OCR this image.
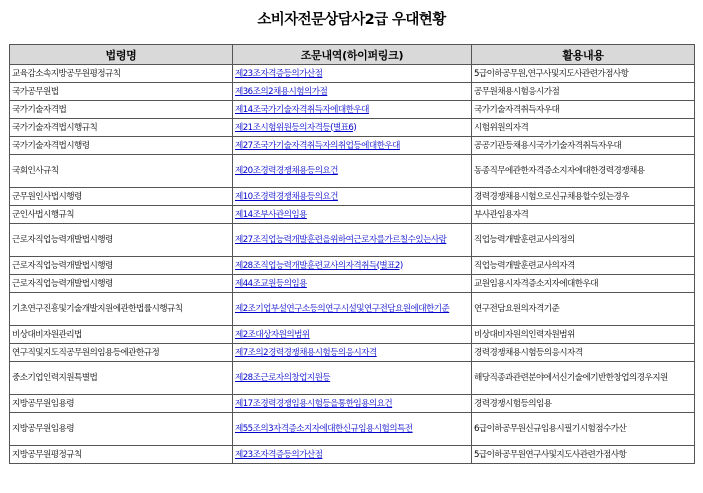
소비자전문상담사2급 우대현황
법령명	조문내역(하이퍼링크)	활용내용
교육감소속지방공무원평정규칙	제23조자격증등의가산점	5급이하공무원,연구사및지도사관련가점사항
국가공무원법	제36조의2채용시험의가점	공무원채용시험응시가점
국가기술자격법	제14조국가기술자격취득자에대한우대	국가기술자격취득자우대
국가기술자격법시행규칙	제21조시험위원등의자격등(별표6)	시험위원의자격
국가기술자격법시행령	제27조국가기술자격취득자의취업등에대한우대	공공기관등채용시국가기술자격취득자우대
국회인사규칙	제20조경력경쟁채용등의요건	동종직무에관한자격증소지자에대한경력경쟁채용
군무원인사법시행령	제10조경력경쟁채용등의요건	경력경쟁채용시험으로신규채용할수있는경우
군인사법시행규칙	제14조부사관의임용	부사관임용자격
근로자직업능력개발법시행령	제27조직업능력개발훈련을위하여근로자를가르칠수있는사람	직업능력개발훈련교사의정의
근로자직업능력개발법시행령	제28조직업능력개발훈련교사의자격취득(별표2)	직업능력개발훈련교사의자격
근로자직업능력개발법시행령	제44조교원등의임용	교원임용시자격증소지자에대한우대
기초연구진흥및기술개발지원에관한법률시행규칙	제2조기업부설연구소등의연구시설및연구전담요원에대한기준	연구전담요원의자격기준
비상대비자원관리법	제2조대상자원의범위	비상대비자원의인력자원범위
연구직및지도직공무원의임용등에관한규정	제7조의2경력경쟁채용시험등의응시자격	경력경쟁채용시험등의응시자격
중소기업인력지원특별법	제28조근로자의창업지원등	해당직종과관련분야에서신기술에기반한창업의경우지원
지방공무원임용령	제17조경력경쟁임용시험등을통한임용의요건	경력경쟁시험등의임용
지방공무원임용령	제55조의3자격증소지자에대한신규임용시험의특전	6급이하공무원신규임용시필기시험점수가산
지방공무원평정규칙	제23조자격증등의가산점	5급이하공무원연구사및지도사관련가점사항
